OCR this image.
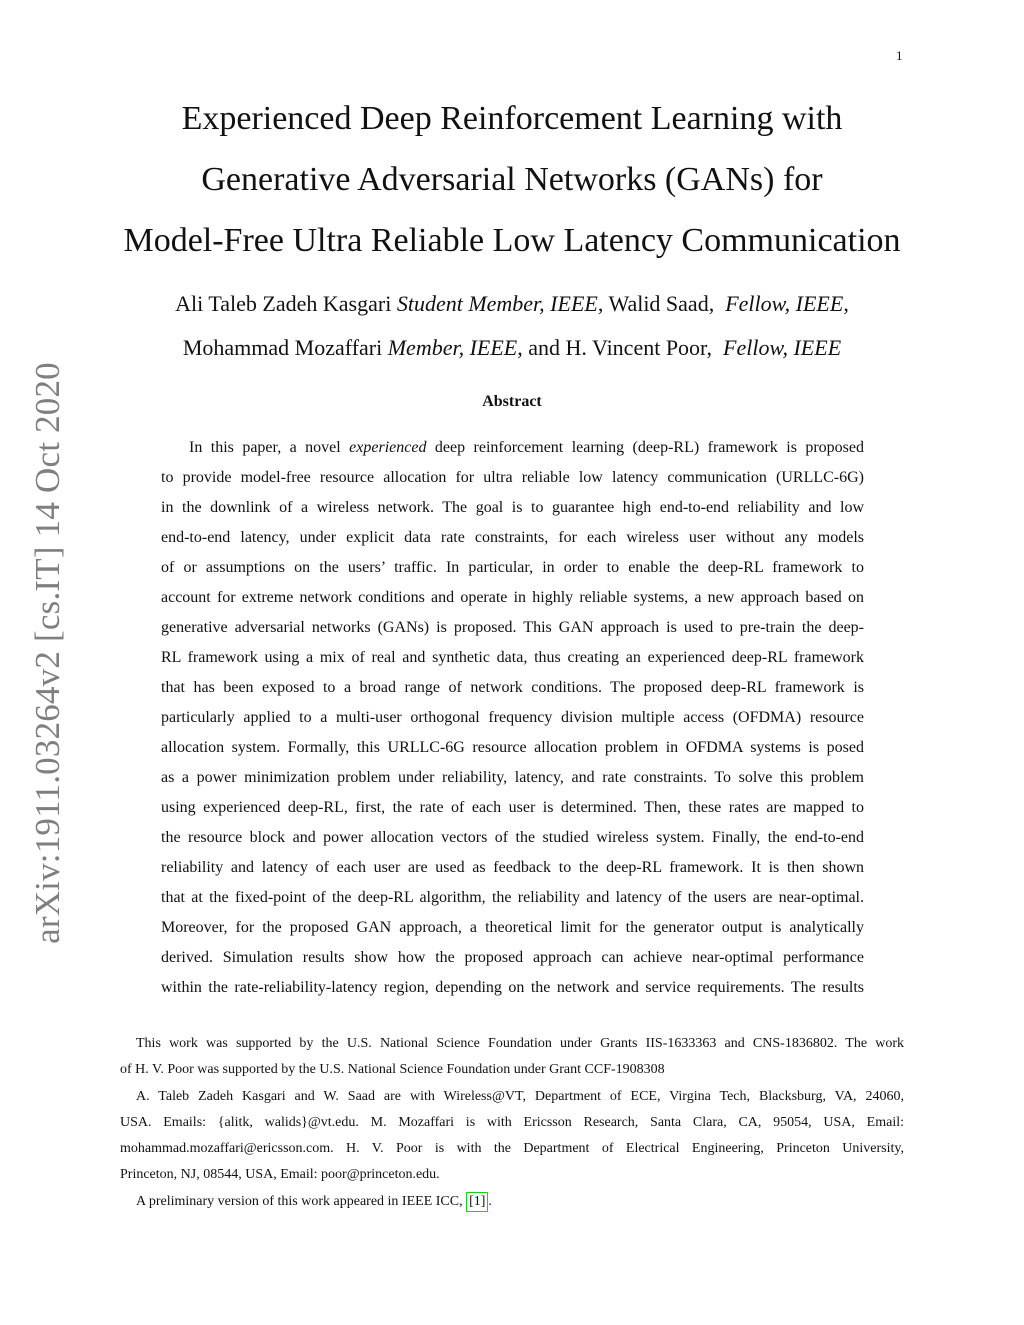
1
arXiv:1911.03264v2 [cs.IT] 14 Oct 2020
Experienced Deep Reinforcement Learning with
Generative Adversarial Networks (GANs) for
Model-Free Ultra Reliable Low Latency Communication
Ali Taleb Zadeh Kasgari Student Member, IEEE, Walid Saad, Fellow, IEEE,
Mohammad Mozaffari Member, IEEE, and H. Vincent Poor, Fellow, IEEE
Abstract
In this paper, a novel experienced deep reinforcement learning (deep-RL) framework is proposed
to provide model-free resource allocation for ultra reliable low latency communication (URLLC-6G)
in the downlink of a wireless network. The goal is to guarantee high end-to-end reliability and low
end-to-end latency, under explicit data rate constraints, for each wireless user without any models
of or assumptions on the users’ traffic. In particular, in order to enable the deep-RL framework to
account for extreme network conditions and operate in highly reliable systems, a new approach based on
generative adversarial networks (GANs) is proposed. This GAN approach is used to pre-train the deep-
RL framework using a mix of real and synthetic data, thus creating an experienced deep-RL framework
that has been exposed to a broad range of network conditions. The proposed deep-RL framework is
particularly applied to a multi-user orthogonal frequency division multiple access (OFDMA) resource
allocation system. Formally, this URLLC-6G resource allocation problem in OFDMA systems is posed
as a power minimization problem under reliability, latency, and rate constraints. To solve this problem
using experienced deep-RL, first, the rate of each user is determined. Then, these rates are mapped to
the resource block and power allocation vectors of the studied wireless system. Finally, the end-to-end
reliability and latency of each user are used as feedback to the deep-RL framework. It is then shown
that at the fixed-point of the deep-RL algorithm, the reliability and latency of the users are near-optimal.
Moreover, for the proposed GAN approach, a theoretical limit for the generator output is analytically
derived. Simulation results show how the proposed approach can achieve near-optimal performance
within the rate-reliability-latency region, depending on the network and service requirements. The results
This work was supported by the U.S. National Science Foundation under Grants IIS-1633363 and CNS-1836802. The work
of H. V. Poor was supported by the U.S. National Science Foundation under Grant CCF-1908308
A. Taleb Zadeh Kasgari and W. Saad are with Wireless@VT, Department of ECE, Virgina Tech, Blacksburg, VA, 24060,
USA. Emails: {alitk, walids}@vt.edu. M. Mozaffari is with Ericsson Research, Santa Clara, CA, 95054, USA, Email:
mohammad.mozaffari@ericsson.com. H. V. Poor is with the Department of Electrical Engineering, Princeton University,
Princeton, NJ, 08544, USA, Email: poor@princeton.edu.
A preliminary version of this work appeared in IEEE ICC, [1] .
